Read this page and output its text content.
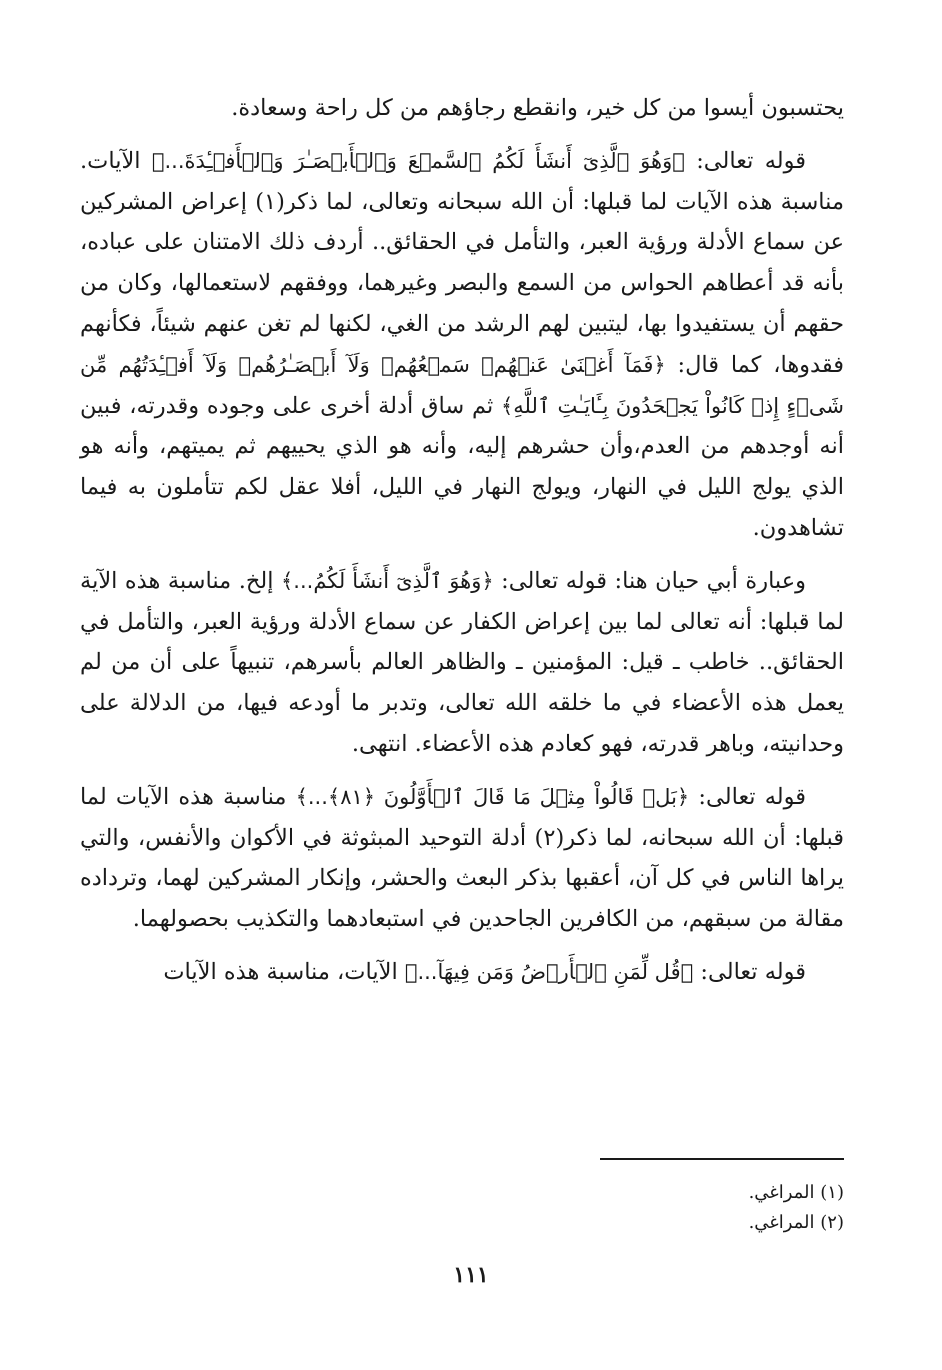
يحتسبون أيسوا من كل خير، وانقطع رجاؤهم من كل راحة وسعادة.

قوله تعالى: ﴿وَهُوَ ٱلَّذِىٓ أَنشَأَ لَكُمُ ٱلسَّمۡعَ وَٱلۡأَبۡصَـٰرَ وَٱلۡأَفۡـِٔدَةَ...﴾ الآيات. مناسبة هذه الآيات لما قبلها: أن الله سبحانه وتعالى، لما ذكر(١) إعراض المشركين عن سماع الأدلة ورؤية العبر، والتأمل في الحقائق.. أردف ذلك الامتنان على عباده، بأنه قد أعطاهم الحواس من السمع والبصر وغيرهما، ووفقهم لاستعمالها، وكان من حقهم أن يستفيدوا بها، ليتبين لهم الرشد من الغي، لكنها لم تغن عنهم شيئاً، فكأنهم فقدوها، كما قال: ﴿فَمَآ أَغۡنَىٰ عَنۡهُمۡ سَمۡعُهُمۡ وَلَآ أَبۡصَـٰرُهُمۡ وَلَآ أَفۡـِٔدَتُهُم مِّن شَىۡءٍ إِذۡ كَانُواْ يَجۡحَدُونَ بِـَٔايَـٰتِ ٱللَّهِ﴾ ثم ساق أدلة أخرى على وجوده وقدرته، فبين أنه أوجدهم من العدم،وأن حشرهم إليه، وأنه هو الذي يحييهم ثم يميتهم، وأنه هو الذي يولج الليل في النهار، ويولج النهار في الليل، أفلا عقل لكم تتأملون به فيما تشاهدون.

وعبارة أبي حيان هنا: قوله تعالى: ﴿وَهُوَ ٱلَّذِىٓ أَنشَأَ لَكُمُ...﴾ إلخ. مناسبة هذه الآية لما قبلها: أنه تعالى لما بين إعراض الكفار عن سماع الأدلة ورؤية العبر، والتأمل في الحقائق.. خاطب ـ قيل: المؤمنين ـ والظاهر العالم بأسرهم، تنبيهاً على أن من لم يعمل هذه الأعضاء في ما خلقه الله تعالى، وتدبر ما أودعه فيها، من الدلالة على وحدانيته، وباهر قدرته، فهو كعادم هذه الأعضاء. انتهى.

قوله تعالى: ﴿بَلۡ قَالُواْ مِثۡلَ مَا قَالَ ٱلۡأَوَّلُونَ ﴿٨١﴾...﴾ مناسبة هذه الآيات لما قبلها: أن الله سبحانه، لما ذكر(٢) أدلة التوحيد المبثوثة في الأكوان والأنفس، والتي يراها الناس في كل آن، أعقبها بذكر البعث والحشر، وإنكار المشركين لهما، وترداده مقالة من سبقهم، من الكافرين الجاحدين في استبعادهما والتكذيب بحصولهما.

قوله تعالى: ﴿قُل لِّمَنِ ٱلۡأَرۡضُ وَمَن فِيهَآ...﴾ الآيات، مناسبة هذه الآيات

(١) المراغي.

(٢) المراغي.

١١١
